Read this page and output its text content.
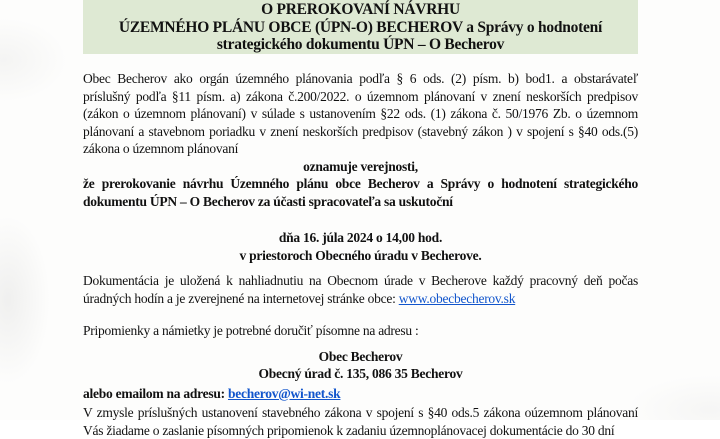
O PREROKOVANÍ NÁVRHU
ÚZEMNÉHO PLÁNU OBCE (ÚPN-O) BECHEROV a Správy o hodnotení
strategického dokumentu ÚPN – O Becherov
Obec Becherov ako orgán územného plánovania podľa § 6 ods. (2) písm. b) bod1. a obstarávateľ
príslušný podľa §11 písm. a) zákona č.200/2022. o územnom plánovaní v znení neskorších predpisov
(zákon o územnom plánovaní) v súlade s ustanovením §22 ods. (1) zákona č. 50/1976 Zb. o územnom
plánovaní a stavebnom poriadku v znení neskorších predpisov (stavebný zákon ) v spojení s §40 ods.(5)
zákona o územnom plánovaní
oznamuje verejnosti,
že prerokovanie návrhu Územného plánu obce Becherov a Správy o hodnotení strategického
dokumentu ÚPN – O Becherov za účasti spracovateľa sa uskutoční
dňa 16. júla 2024 o 14,00 hod.
v priestoroch Obecného úradu v Becherove.
Dokumentácia je uložená k nahliadnutiu na Obecnom úrade v Becherove každý pracovný deň počas
úradných hodín a je zverejnené na internetovej stránke obce: www.obecbecherov.sk
Pripomienky a námietky je potrebné doručiť písomne na adresu :
Obec Becherov
Obecný úrad č. 135, 086 35 Becherov
alebo emailom na adresu: becherov@wi-net.sk
V zmysle príslušných ustanovení stavebného zákona v spojení s §40 ods.5 zákona oúzemnom plánovaní
Vás žiadame o zaslanie písomných pripomienok k zadaniu územnoplánovacej dokumentácie do 30 dní
